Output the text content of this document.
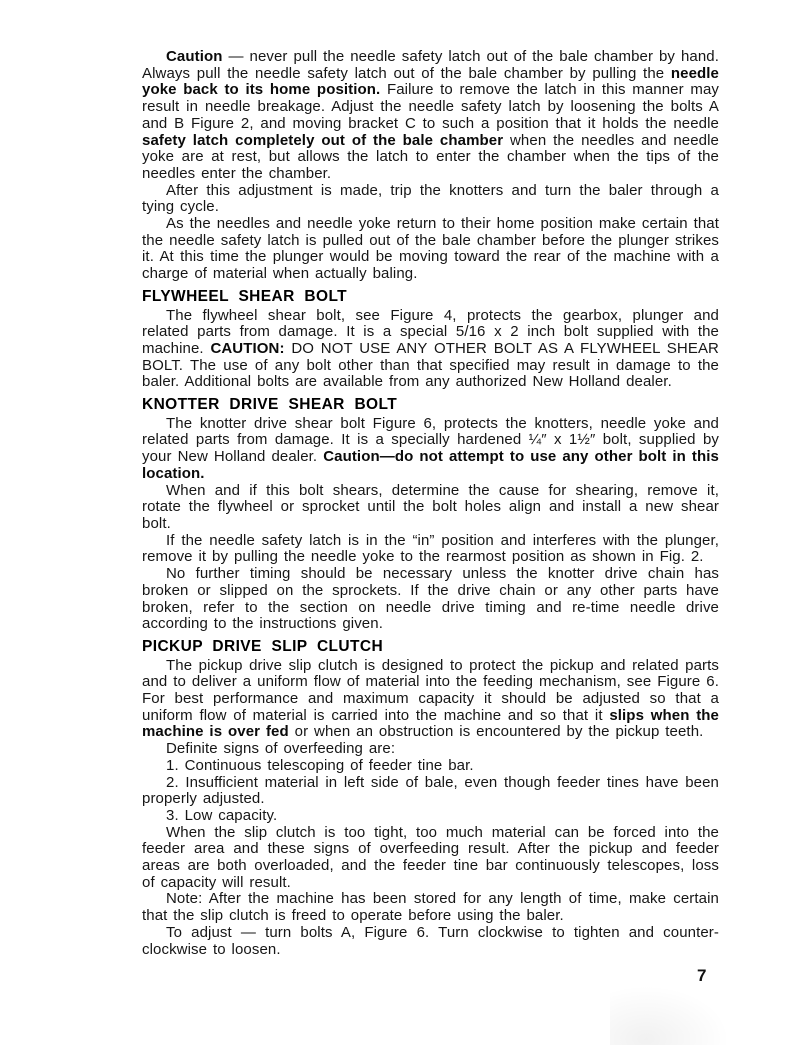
Caution — never pull the needle safety latch out of the bale chamber by hand. Always pull the needle safety latch out of the bale chamber by pulling the needle yoke back to its home position. Failure to remove the latch in this manner may result in needle breakage. Adjust the needle safety latch by loosening the bolts A and B Figure 2, and moving bracket C to such a position that it holds the needle safety latch completely out of the bale chamber when the needles and needle yoke are at rest, but allows the latch to enter the chamber when the tips of the needles enter the chamber.

After this adjustment is made, trip the knotters and turn the baler through a tying cycle.

As the needles and needle yoke return to their home position make certain that the needle safety latch is pulled out of the bale chamber before the plunger strikes it. At this time the plunger would be moving toward the rear of the machine with a charge of material when actually baling.

FLYWHEEL SHEAR BOLT

The flywheel shear bolt, see Figure 4, protects the gearbox, plunger and related parts from damage. It is a special 5/16 x 2 inch bolt supplied with the machine. CAUTION: DO NOT USE ANY OTHER BOLT AS A FLYWHEEL SHEAR BOLT. The use of any bolt other than that specified may result in damage to the baler. Additional bolts are available from any authorized New Holland dealer.

KNOTTER DRIVE SHEAR BOLT

The knotter drive shear bolt Figure 6, protects the knotters, needle yoke and related parts from damage. It is a specially hardened ¼″ x 1½″ bolt, supplied by your New Holland dealer. Caution—do not attempt to use any other bolt in this location.

When and if this bolt shears, determine the cause for shearing, remove it, rotate the flywheel or sprocket until the bolt holes align and install a new shear bolt.

If the needle safety latch is in the “in” position and interferes with the plunger, remove it by pulling the needle yoke to the rearmost position as shown in Fig. 2.

No further timing should be necessary unless the knotter drive chain has broken or slipped on the sprockets. If the drive chain or any other parts have broken, refer to the section on needle drive timing and re-time needle drive according to the instructions given.

PICKUP DRIVE SLIP CLUTCH

The pickup drive slip clutch is designed to protect the pickup and related parts and to deliver a uniform flow of material into the feeding mechanism, see Figure 6. For best performance and maximum capacity it should be adjusted so that a uniform flow of material is carried into the machine and so that it slips when the machine is over fed or when an obstruction is encountered by the pickup teeth.

Definite signs of overfeeding are:

1. Continuous telescoping of feeder tine bar.

2. Insufficient material in left side of bale, even though feeder tines have been properly adjusted.

3. Low capacity.

When the slip clutch is too tight, too much material can be forced into the feeder area and these signs of overfeeding result. After the pickup and feeder areas are both overloaded, and the feeder tine bar continuously telescopes, loss of capacity will result.

Note: After the machine has been stored for any length of time, make certain that the slip clutch is freed to operate before using the baler.

To adjust — turn bolts A, Figure 6. Turn clockwise to tighten and counter-clockwise to loosen.

7
